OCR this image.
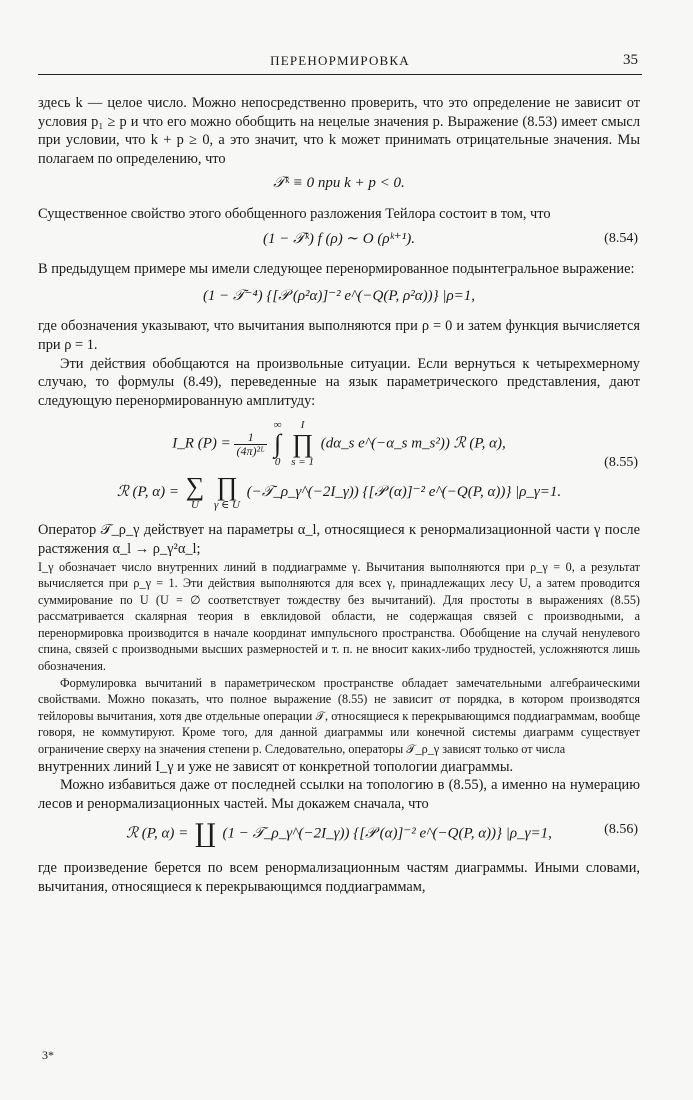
ПЕРЕНОРМИРОВКА	35

здесь k — целое число. Можно непосредственно проверить, что это определение не зависит от условия p₁ ≥ p и что его можно обобщить на нецелые значения p. Выражение (8.53) имеет смысл при условии, что k + p ≥ 0, а это значит, что k может принимать отрицательные значения. Мы полагаем по определению, что

𝒯ᵏ ≡ 0 при k + p < 0.

Существенное свойство этого обобщенного разложения Тейлора состоит в том, что

(1 − 𝒯ᵏ) f (ρ) ∼ O (ρᵏ⁺¹).	(8.54)

В предыдущем примере мы имели следующее перенормированное подынтегральное выражение:

(1 − 𝒯⁻⁴) {[𝒫 (ρ²α)]⁻² e^(−Q(P, ρ²α))} |ρ=1,

где обозначения указывают, что вычитания выполняются при ρ = 0 и затем функция вычисляется при ρ = 1.

Эти действия обобщаются на произвольные ситуации. Если вернуться к четырехмерному случаю, то формулы (8.49), переведенные на язык параметрического представления, дают следующую перенормированную амплитуду:

I_R $(P) = \frac{1}{\text{(4π)²ᴸ}}$
∞
∫
0 I
∏
s = 1 (dα_s e^(−α_s m_s²)) ℛ (P, α),
ℛ (P, α) = ∑
U
∏
γ ∈ U (−𝒯_ρ_γ^(−2I_γ)) {[𝒫 (α)]⁻² e^(−Q(P, α))} |ρ_γ=1.
(8.55)

Оператор 𝒯_ρ_γ действует на параметры α_l, относящиеся к ренормализационной части γ после растяжения α_l → ρ_γ²α_l;

I_γ обозначает число внутренних линий в поддиаграмме γ. Вычитания выполняются при ρ_γ = 0, а результат вычисляется при ρ_γ = 1. Эти действия выполняются для всех γ, принадлежащих лесу U, а затем проводится суммирование по U (U = ∅ соответствует тождеству без вычитаний). Для простоты в выражениях (8.55) рассматривается скалярная теория в евклидовой области, не содержащая связей с производными, а перенормировка производится в начале координат импульсного пространства. Обобщение на случай ненулевого спина, связей с производными высших размерностей и т. п. не вносит каких-либо трудностей, усложняются лишь обозначения.

Формулировка вычитаний в параметрическом пространстве обладает замечательными алгебраическими свойствами. Можно показать, что полное выражение (8.55) не зависит от порядка, в котором производятся тейлоровы вычитания, хотя две отдельные операции 𝒯, относящиеся к перекрывающимся поддиаграммам, вообще говоря, не коммутируют. Кроме того, для данной диаграммы или конечной системы диаграмм существует ограничение сверху на значения степени p. Следовательно, операторы 𝒯_ρ_γ зависят только от числа

внутренних линий I_γ и уже не зависят от конкретной топологии диаграммы.

Можно избавиться даже от последней ссылки на топологию в (8.55), а именно на нумерацию лесов и ренормализационных частей. Мы докажем сначала, что

ℛ (P, α) = ∐ (1 − 𝒯_ρ_γ^(−2I_γ)) {[𝒫 (α)]⁻² e^(−Q(P, α))} |ρ_γ=1,	(8.56)

где произведение берется по всем ренормализационным частям диаграммы. Иными словами, вычитания, относящиеся к перекрывающимся поддиаграммам,

3*
